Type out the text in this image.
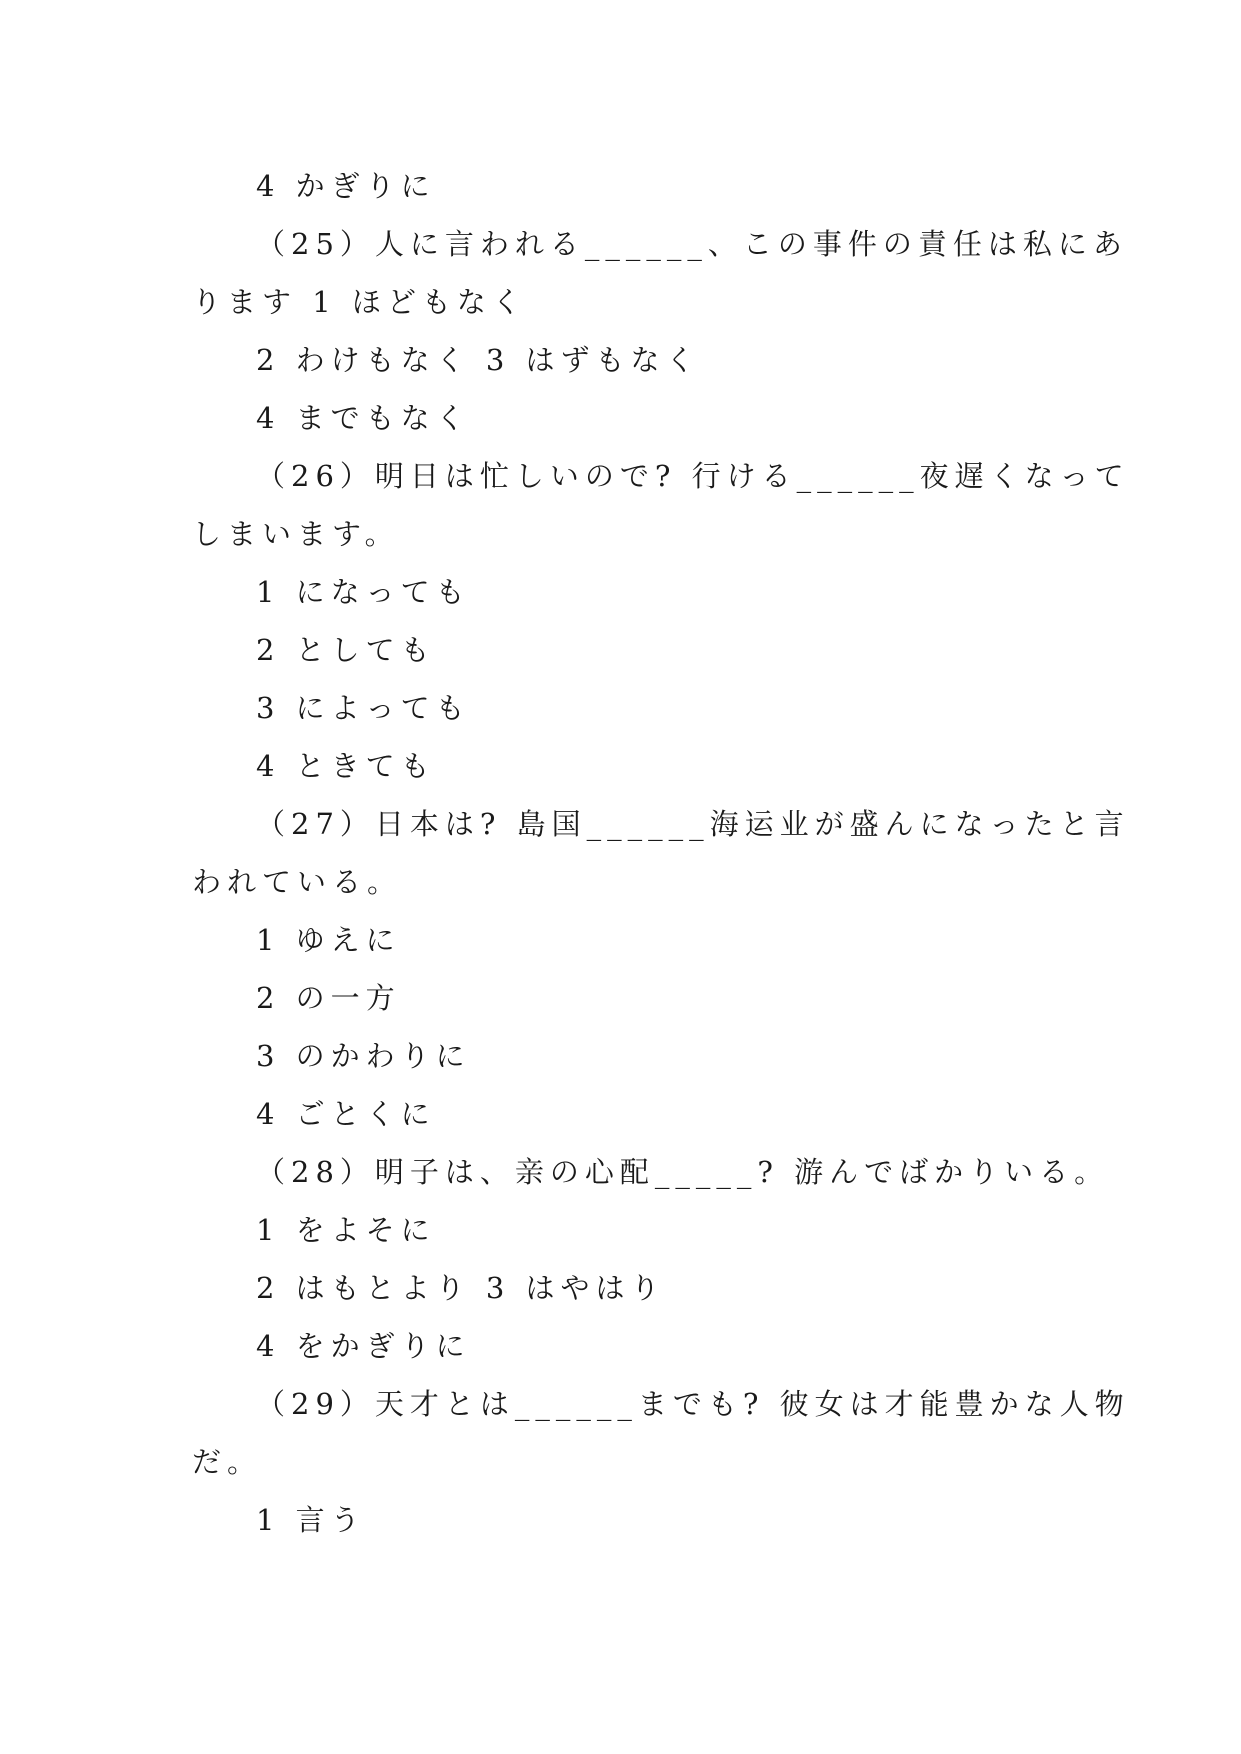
4 かぎりに
（25）人に言われる______、この事件の責任は私にあ
ります 1 ほどもなく
2 わけもなく 3 はずもなく
4 までもなく
（26）明日は忙しいので? 行ける______夜遅くなって
しまいます。
1 になっても
2 としても
3 によっても
4 ときても
（27）日本は? 島国______海运业が盛んになったと言
われている。
1 ゆえに
2 の一方
3 のかわりに
4 ごとくに
（28）明子は、亲の心配_____? 游んでばかりいる。
1 をよそに
2 はもとより 3 はやはり
4 をかぎりに
（29）天才とは______までも? 彼女は才能豊かな人物
だ。
1 言う
